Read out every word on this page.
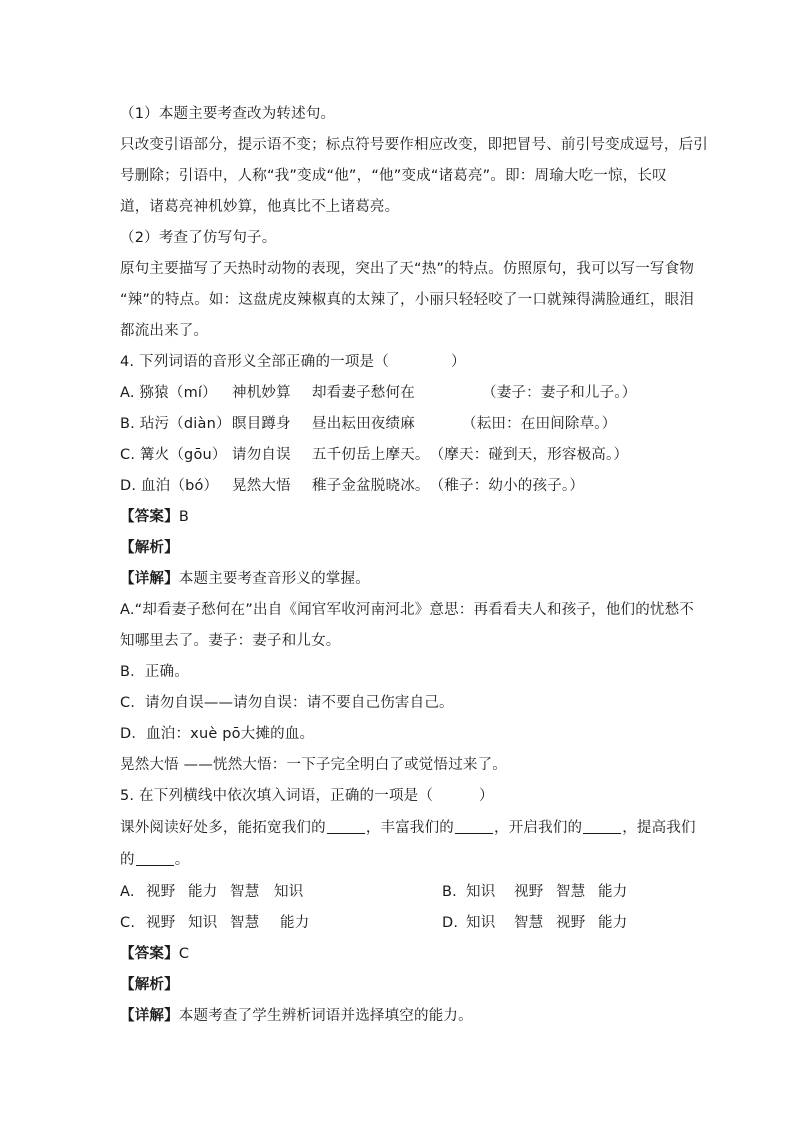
（1）本题主要考查改为转述句。
只改变引语部分，提示语不变；标点符号要作相应改变，即把冒号、前引号变成逗号，后引
号删除；引语中，人称“我”变成“他”，“他”变成“诸葛亮”。即：周瑜大吃一惊，长叹
道，诸葛亮神机妙算，他真比不上诸葛亮。
（2）考查了仿写句子。
原句主要描写了天热时动物的表现，突出了天“热”的特点。仿照原句，我可以写一写食物
“辣”的特点。如：这盘虎皮辣椒真的太辣了，小丽只轻轻咬了一口就辣得满脸通红，眼泪
都流出来了。
4. 下列词语的音形义全部正确的一项是（	）
A. 猕猿（mí） 神机妙算 却看妻子愁何在	（妻子：妻子和儿子。）
B. 玷污（diàn）瞑目蹲身 昼出耘田夜绩麻	（耘田：在田间除草。）
C. 篝火（gōu） 请勿自误 五千仞岳上摩天。（摩天：碰到天，形容极高。）
D. 血泊（bó） 晃然大悟 稚子金盆脱晓冰。（稚子：幼小的孩子。）
【答案】B
【解析】
【详解】本题主要考查音形义的掌握。
A.“却看妻子愁何在”出自《闻官军收河南河北》意思：再看看夫人和孩子，他们的忧愁不
知哪里去了。妻子：妻子和儿女。
B．正确。
C．请勿自误——请勿自误：请不要自己伤害自己。
D．血泊：xuè pō大摊的血。
晃然大悟 ——恍然大悟：一下子完全明白了或觉悟过来了。
5. 在下列横线中依次填入词语，正确的一项是（	）
课外阅读好处多，能拓宽我们的	，丰富我们的	，开启我们的	，提高我们
的	。
A. 视野 能力 智慧 知识	B. 知识 视野 智慧 能力
C. 视野 知识 智慧 能力	D. 知识 智慧 视野 能力
【答案】C
【解析】
【详解】本题考查了学生辨析词语并选择填空的能力。
